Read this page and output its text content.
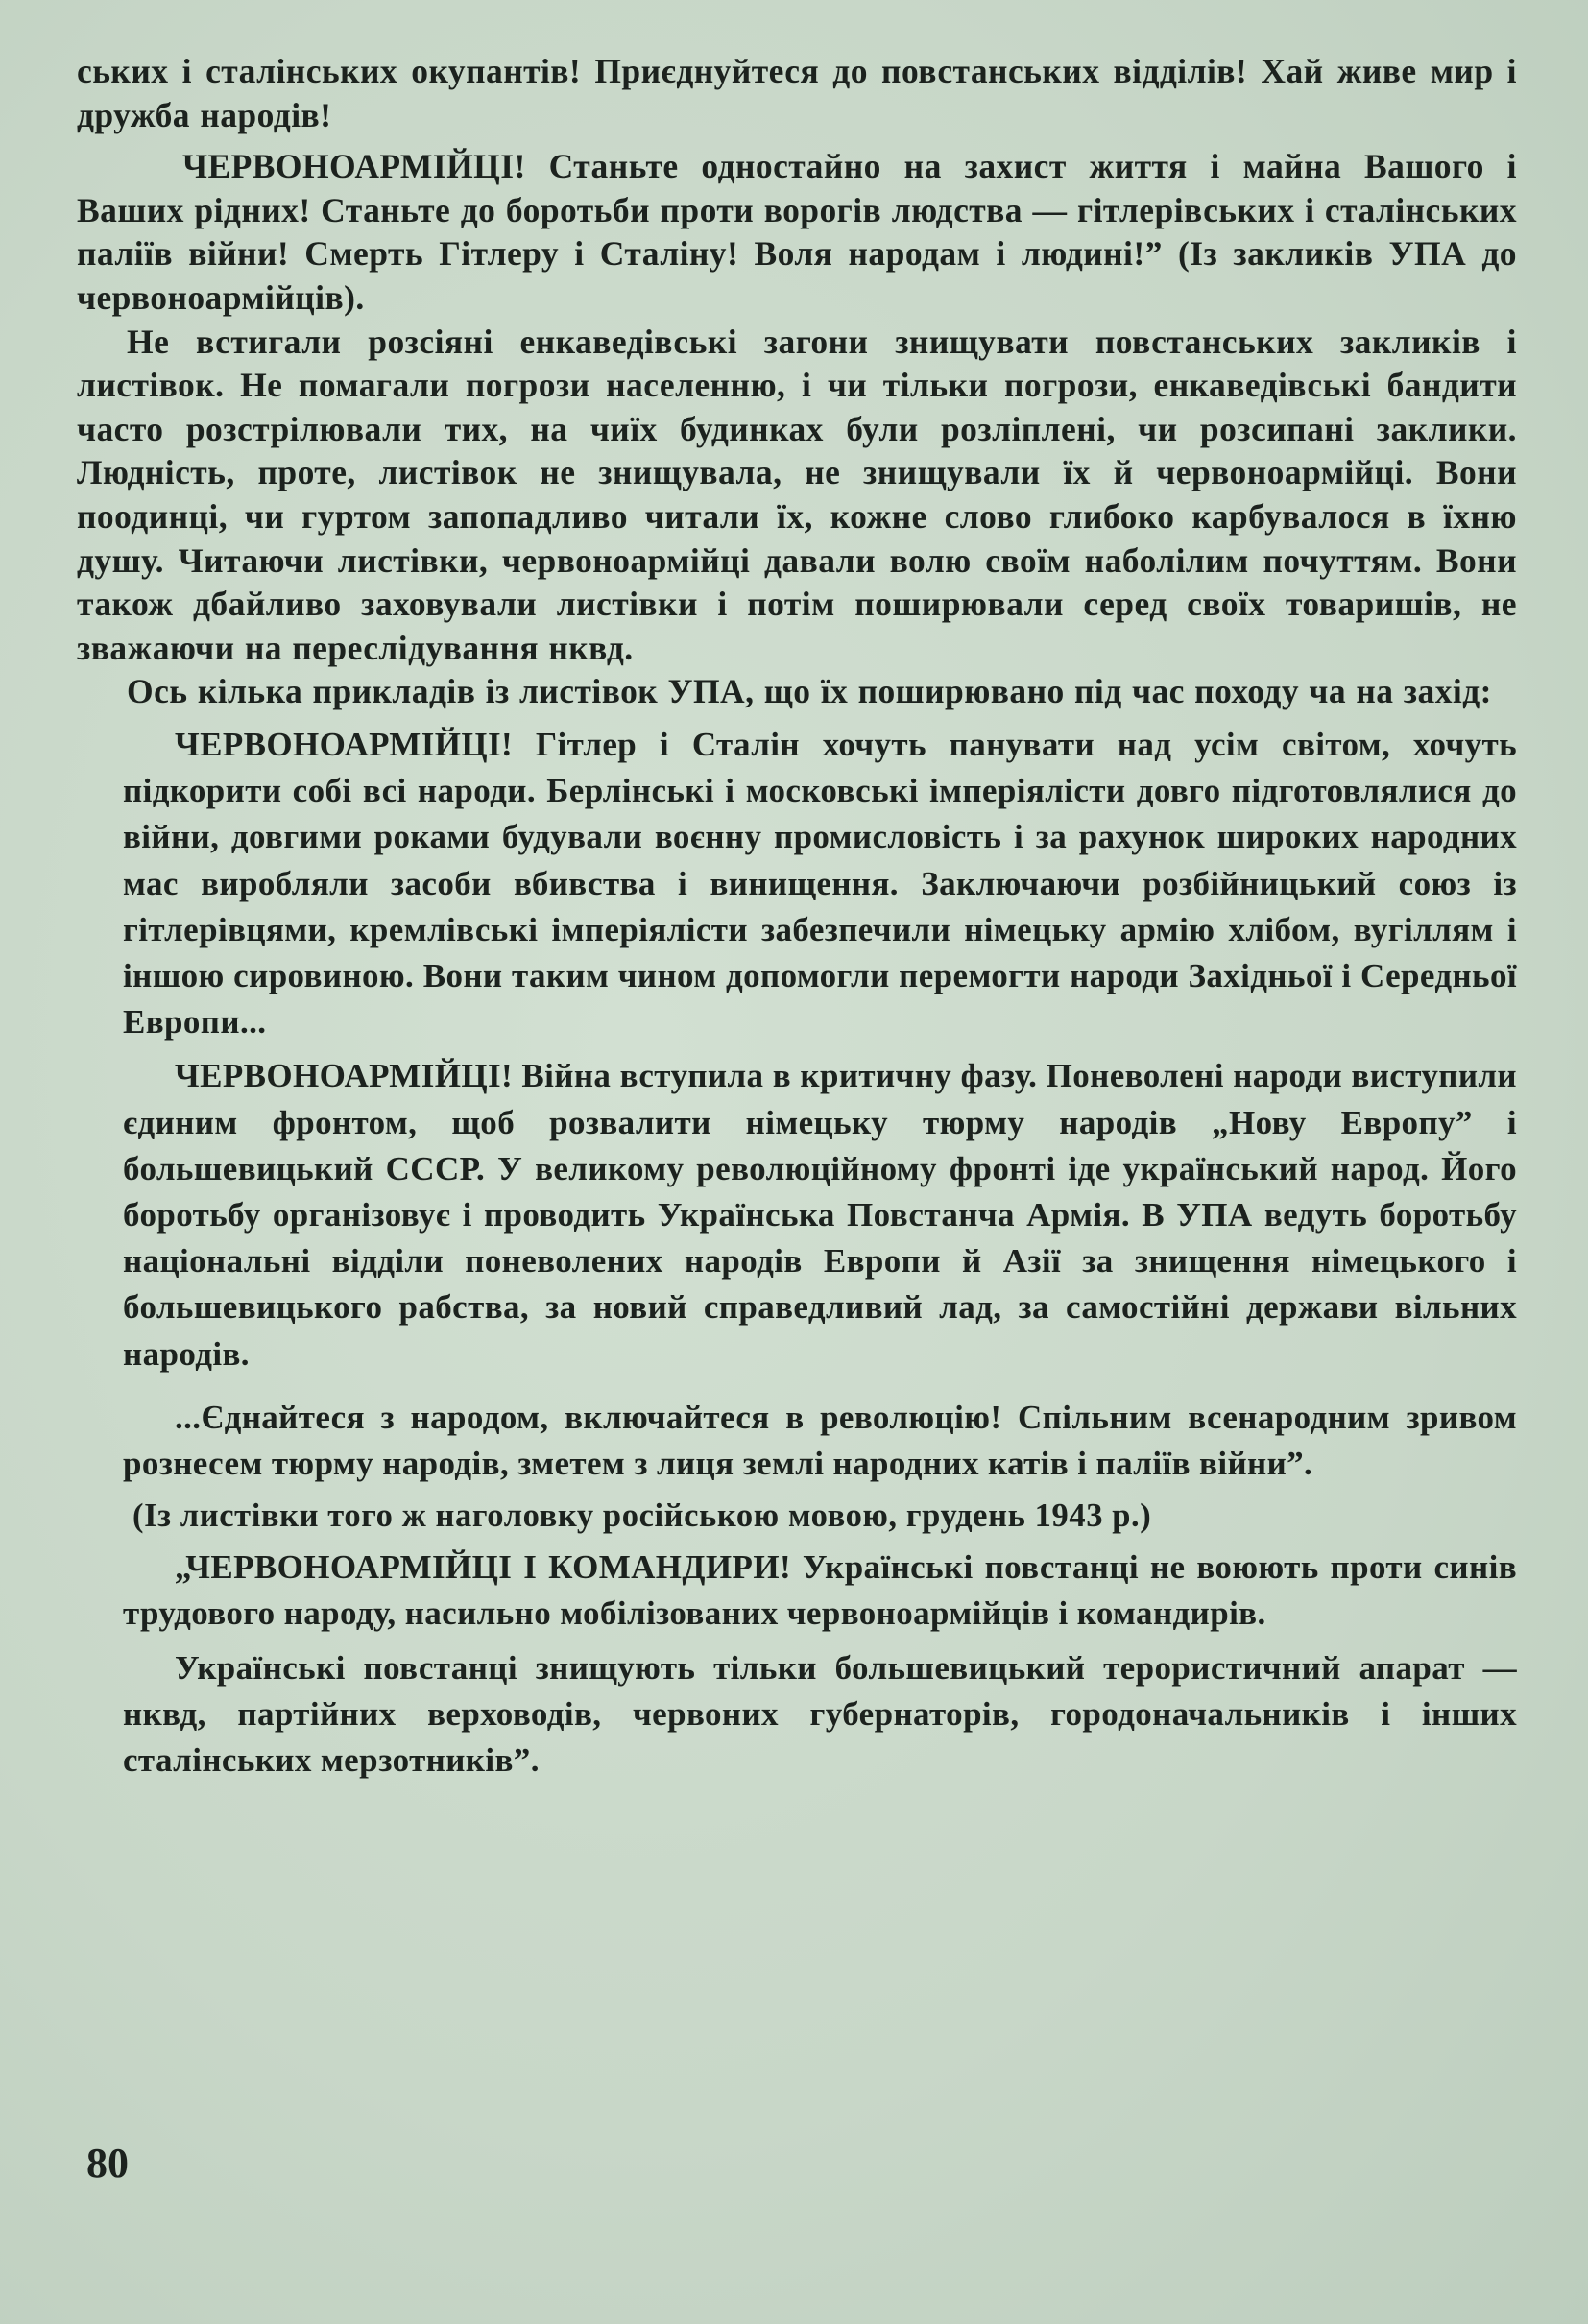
ських і сталінських окупантів! Приєднуйтеся до повстанських відділів! Хай живе мир і дружба народів!

ЧЕРВОНОАРМІЙЦІ! Станьте одностайно на захист життя і майна Вашого і Ваших рідних! Станьте до боротьби проти ворогів людства — гітлерівських і сталінських паліїв війни! Смерть Гітлеру і Сталіну! Воля народам і людині!” (Із закликів УПА до червоноармійців).

Не встигали розсіяні енкаведівські загони знищувати повстанських закликів і листівок. Не помагали погрози населенню, і чи тільки погрози, енкаведівські бандити часто розстрілювали тих, на чиїх будинках були розліплені, чи розсипані заклики. Людність, проте, листівок не знищувала, не знищували їх й червоноармійці. Вони поодинці, чи гуртом запопадливо читали їх, кожне слово глибоко карбувалося в їхню душу. Читаючи листівки, червоноармійці давали волю своїм наболілим почуттям. Вони також дбайливо заховували листівки і потім поширювали серед своїх товаришів, не зважаючи на переслідування нквд.

Ось кілька прикладів із листівок УПА, що їх поширювано під час походу ча на захід:

ЧЕРВОНОАРМІЙЦІ! Гітлер і Сталін хочуть панувати над усім світом, хочуть підкорити собі всі народи. Берлінські і московські імперіялісти довго підготовлялися до війни, довгими роками будували воєнну промисловість і за рахунок широких народних мас виробляли засоби вбивства і винищення. Заключаючи розбійницький союз із гітлерівцями, кремлівські імперіялісти забезпечили німецьку армію хлібом, вугіллям і іншою сировиною. Вони таким чином допомогли перемогти народи Західньої і Середньої Европи...

ЧЕРВОНОАРМІЙЦІ! Війна вступила в критичну фазу. Поневолені народи виступили єдиним фронтом, щоб розвалити німецьку тюрму народів „Нову Европу” і большевицький СССР. У великому революційному фронті іде український народ. Його боротьбу організовує і проводить Українська Повстанча Армія. В УПА ведуть боротьбу національні відділи поневолених народів Европи й Азії за знищення німецького і большевицького рабства, за новий справедливий лад, за самостійні держави вільних народів.

...Єднайтеся з народом, включайтеся в революцію! Спільним всенародним зривом рознесем тюрму народів, зметем з лиця землі народних катів і паліїв війни”.

(Із листівки того ж наголовку російською мовою, грудень 1943 р.)

„ЧЕРВОНОАРМІЙЦІ І КОМАНДИРИ! Українські повстанці не воюють проти синів трудового народу, насильно мобілізованих червоноармійців і командирів.

Українські повстанці знищують тільки большевицький терористичний апарат — нквд, партійних верховодів, червоних губернаторів, городоначальників і інших сталінських мерзотників”.

80
